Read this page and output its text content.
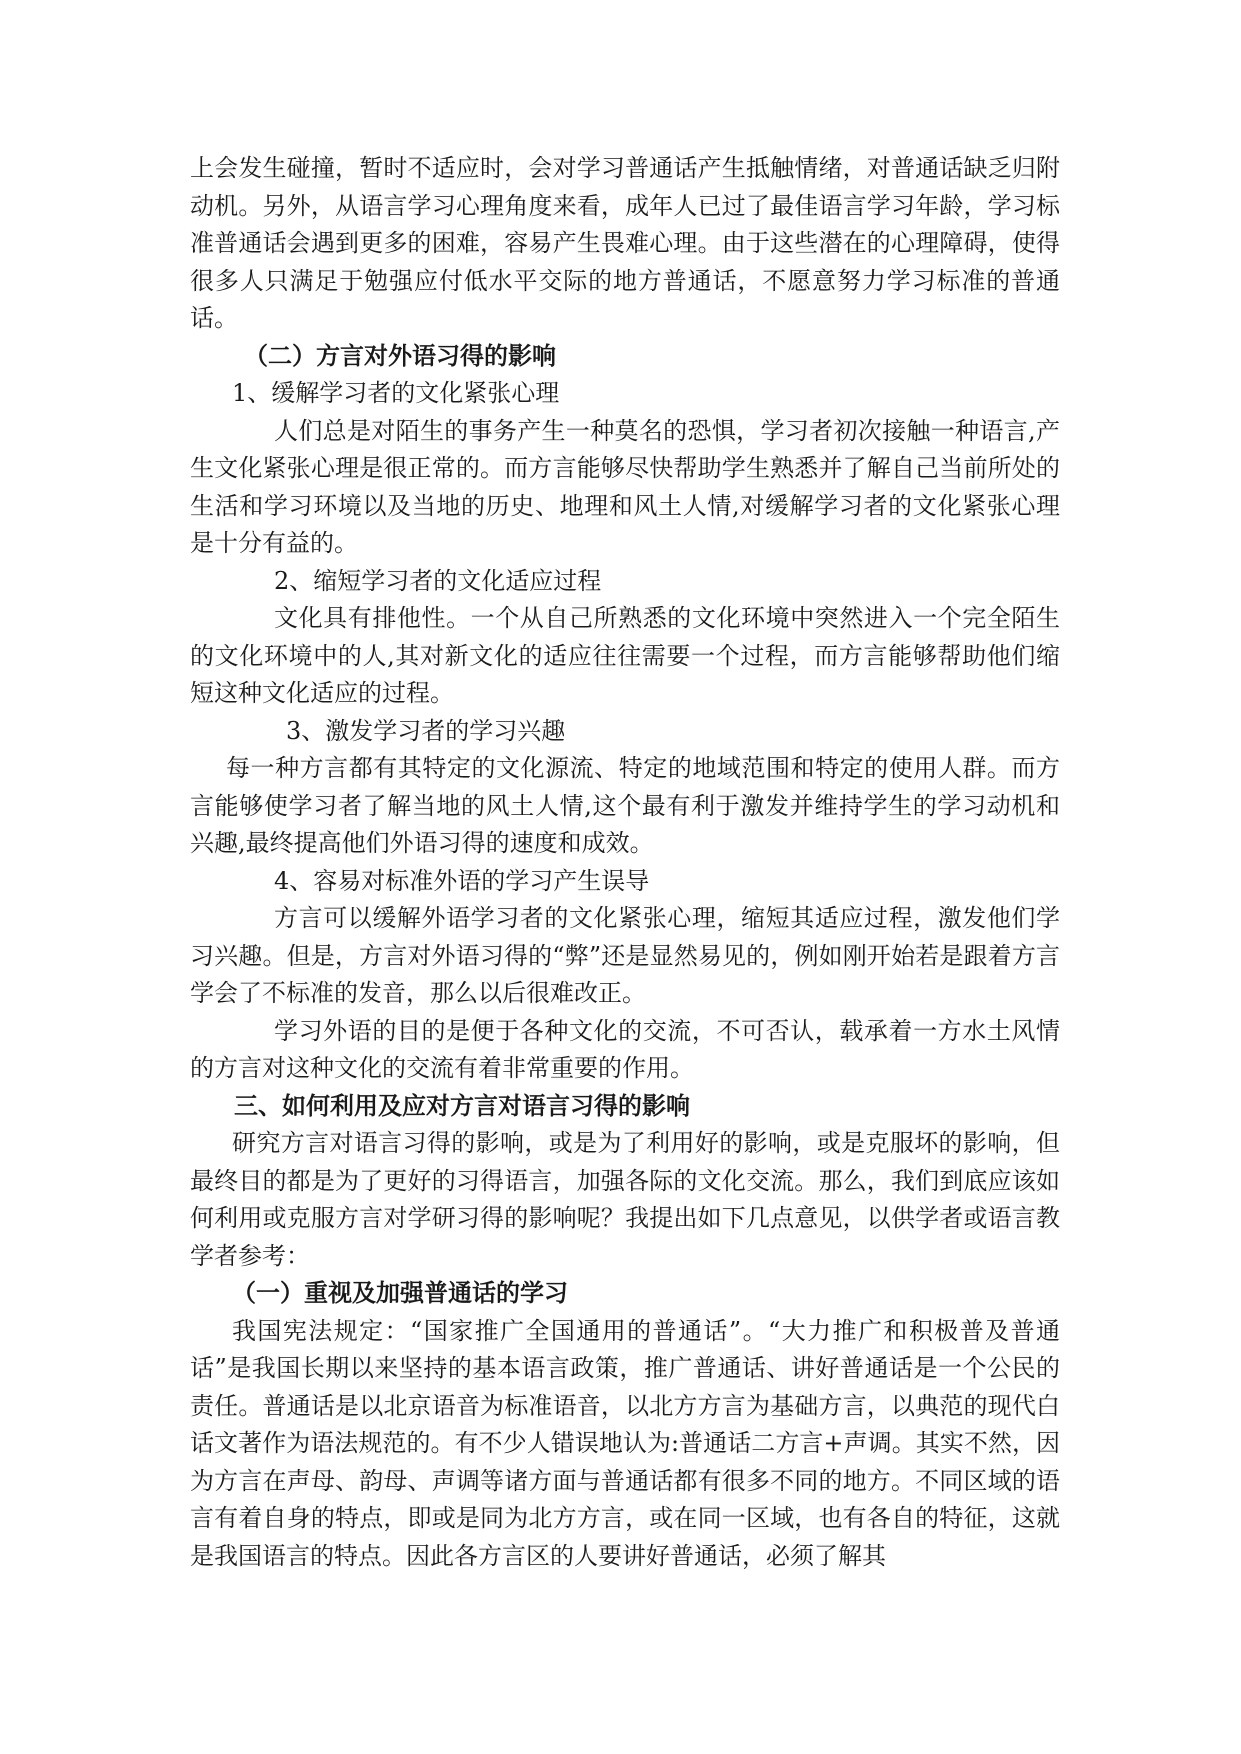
上会发生碰撞，暂时不适应时，会对学习普通话产生抵触情绪，对普通话缺乏归附动机。另外，从语言学习心理角度来看，成年人已过了最佳语言学习年龄，学习标准普通话会遇到更多的困难，容易产生畏难心理。由于这些潜在的心理障碍，使得很多人只满足于勉强应付低水平交际的地方普通话，不愿意努力学习标准的普通话。

（二）方言对外语习得的影响

1、缓解学习者的文化紧张心理

人们总是对陌生的事务产生一种莫名的恐惧，学习者初次接触一种语言,产生文化紧张心理是很正常的。而方言能够尽快帮助学生熟悉并了解自己当前所处的生活和学习环境以及当地的历史、地理和风土人情,对缓解学习者的文化紧张心理是十分有益的。

2、缩短学习者的文化适应过程

文化具有排他性。一个从自己所熟悉的文化环境中突然进入一个完全陌生的文化环境中的人,其对新文化的适应往往需要一个过程，而方言能够帮助他们缩短这种文化适应的过程。

3、激发学习者的学习兴趣

每一种方言都有其特定的文化源流、特定的地域范围和特定的使用人群。而方言能够使学习者了解当地的风土人情,这个最有利于激发并维持学生的学习动机和兴趣,最终提高他们外语习得的速度和成效。

4、容易对标准外语的学习产生误导

方言可以缓解外语学习者的文化紧张心理，缩短其适应过程，激发他们学习兴趣。但是，方言对外语习得的“弊”还是显然易见的，例如刚开始若是跟着方言学会了不标准的发音，那么以后很难改正。

学习外语的目的是便于各种文化的交流，不可否认，载承着一方水土风情的方言对这种文化的交流有着非常重要的作用。

三、如何利用及应对方言对语言习得的影响

研究方言对语言习得的影响，或是为了利用好的影响，或是克服坏的影响，但最终目的都是为了更好的习得语言，加强各际的文化交流。那么，我们到底应该如何利用或克服方言对学研习得的影响呢？我提出如下几点意见，以供学者或语言教学者参考：

（一）重视及加强普通话的学习

我国宪法规定：“国家推广全国通用的普通话”。“大力推广和积极普及普通话”是我国长期以来坚持的基本语言政策，推广普通话、讲好普通话是一个公民的责任。普通话是以北京语音为标准语音，以北方方言为基础方言，以典范的现代白话文著作为语法规范的。有不少人错误地认为:普通话二方言+声调。其实不然，因为方言在声母、韵母、声调等诸方面与普通话都有很多不同的地方。不同区域的语言有着自身的特点，即或是同为北方方言，或在同一区域，也有各自的特征，这就是我国语言的特点。因此各方言区的人要讲好普通话，必须了解其
